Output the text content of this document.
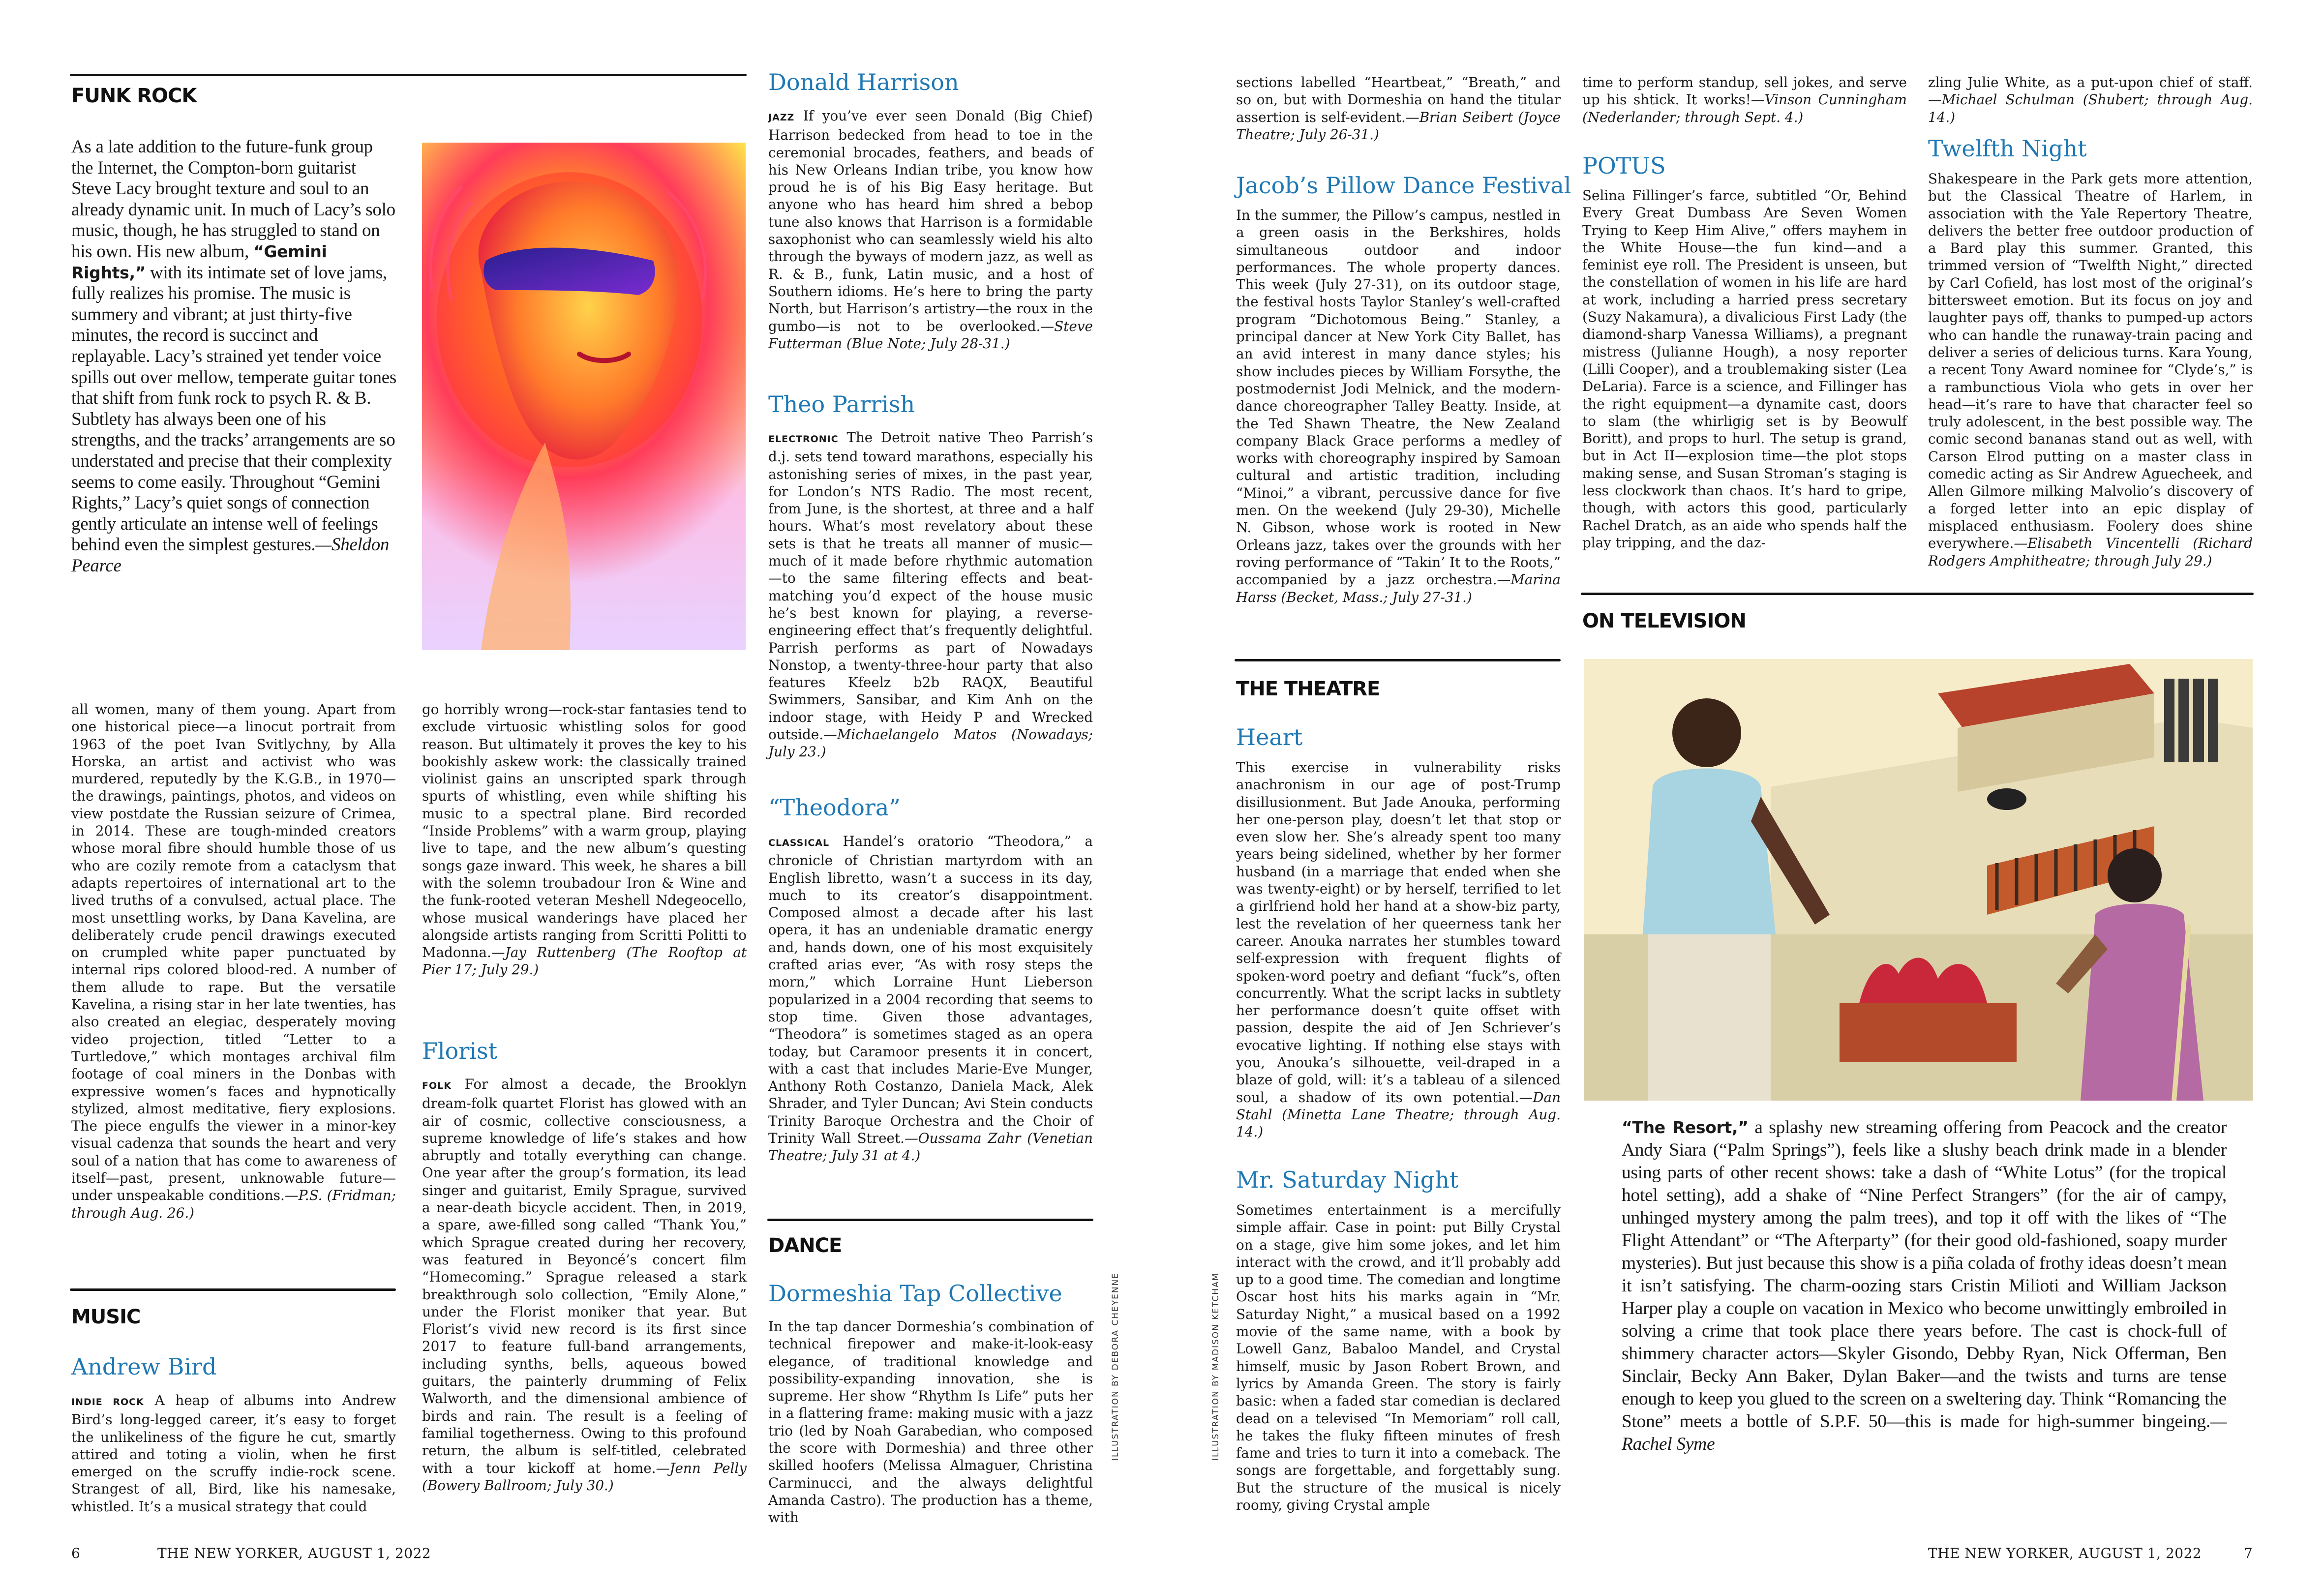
FUNK ROCK
As a late addition to the future-funk group the Internet, the Compton-born guitarist Steve Lacy brought texture and soul to an already dynamic unit. In much of Lacy’s solo music, though, he has struggled to stand on his own. His new album, “Gemini Rights,” with its intimate set of love jams, fully realizes his promise. The music is summery and vibrant; at just thirty-five minutes, the record is succinct and replayable. Lacy’s strained yet tender voice spills out over mellow, temperate guitar tones that shift from funk rock to psych R. & B. Subtlety has always been one of his strengths, and the tracks’ arrangements are so understated and precise that their complexity seems to come easily. Throughout “Gemini Rights,” Lacy’s quiet songs of connection gently articulate an intense well of feelings behind even the simplest gestures.—Sheldon Pearce
all women, many of them young. Apart from one historical piece—a linocut portrait from 1963 of the poet Ivan Svitlychny, by Alla Horska, an artist and activist who was murdered, reputedly by the K.G.B., in 1970—the drawings, paintings, photos, and videos on view postdate the Russian seizure of Crimea, in 2014. These are tough-minded creators whose moral fibre should humble those of us who are cozily remote from a cataclysm that adapts repertoires of international art to the lived truths of a convulsed, actual place. The most unsettling works, by Dana Kavelina, are deliberately crude pencil drawings executed on crumpled white paper punctuated by internal rips colored blood-red. A number of them allude to rape. But the versatile Kavelina, a rising star in her late twenties, has also created an elegiac, desperately moving video projection, titled “Letter to a Turtledove,” which montages archival film footage of coal miners in the Donbas with expressive women’s faces and hypnotically stylized, almost meditative, fiery explosions. The piece engulfs the viewer in a minor-key visual cadenza that sounds the heart and very soul of a nation that has come to awareness of itself—past, present, unknowable future—under unspeakable conditions.—P.S. (Fridman; through Aug. 26.)
MUSIC
Andrew Bird
INDIE ROCK A heap of albums into Andrew Bird’s long-legged career, it’s easy to forget the unlikeliness of the figure he cut, smartly attired and toting a violin, when he first emerged on the scruffy indie-rock scene. Strangest of all, Bird, like his namesake, whistled. It’s a musical strategy that could
go horribly wrong—rock-star fantasies tend to exclude virtuosic whistling solos for good reason. But ultimately it proves the key to his bookishly askew work: the classically trained violinist gains an unscripted spark through spurts of whistling, even while shifting his music to a spectral plane. Bird recorded “Inside Problems” with a warm group, playing live to tape, and the new album’s questing songs gaze inward. This week, he shares a bill with the solemn troubadour Iron & Wine and the funk-rooted veteran Meshell Ndegeocello, whose musical wanderings have placed her alongside artists ranging from Scritti Politti to Madonna.—Jay Ruttenberg (The Rooftop at Pier 17; July 29.)
Florist
FOLK For almost a decade, the Brooklyn dream-folk quartet Florist has glowed with an air of cosmic, collective consciousness, a supreme knowledge of life’s stakes and how abruptly and totally everything can change. One year after the group’s formation, its lead singer and guitarist, Emily Sprague, survived a near-death bicycle accident. Then, in 2019, a spare, awe-filled song called “Thank You,” which Sprague created during her recovery, was featured in Beyoncé’s concert film “Homecoming.” Sprague released a stark breakthrough solo collection, “Emily Alone,” under the Florist moniker that year. But Florist’s vivid new record is its first since 2017 to feature full-band arrangements, including synths, bells, aqueous bowed guitars, the painterly drumming of Felix Walworth, and the dimensional ambience of birds and rain. The result is a feeling of familial togetherness. Owing to this profound return, the album is self-titled, celebrated with a tour kickoff at home.—Jenn Pelly (Bowery Ballroom; July 30.)
Donald Harrison
JAZZ If you’ve ever seen Donald (Big Chief) Harrison bedecked from head to toe in the ceremonial brocades, feathers, and beads of his New Orleans Indian tribe, you know how proud he is of his Big Easy heritage. But anyone who has heard him shred a bebop tune also knows that Harrison is a formidable saxophonist who can seamlessly wield his alto through the byways of modern jazz, as well as R. & B., funk, Latin music, and a host of Southern idioms. He’s here to bring the party North, but Harrison’s artistry—the roux in the gumbo—is not to be overlooked.—Steve Futterman (Blue Note; July 28-31.)
Theo Parrish
ELECTRONIC The Detroit native Theo Parrish’s d.j. sets tend toward marathons, especially his astonishing series of mixes, in the past year, for London’s NTS Radio. The most recent, from June, is the shortest, at three and a half hours. What’s most revelatory about these sets is that he treats all manner of music—much of it made before rhythmic automation—to the same filtering effects and beat-matching you’d expect of the house music he’s best known for playing, a reverse-engineering effect that’s frequently delightful. Parrish performs as part of Nowadays Nonstop, a twenty-three-hour party that also features Kfeelz b2b RAQX, Beautiful Swimmers, Sansibar, and Kim Anh on the indoor stage, with Heidy P and Wrecked outside.—Michaelangelo Matos (Nowadays; July 23.)
“Theodora”
CLASSICAL Handel’s oratorio “Theodora,” a chronicle of Christian martyrdom with an English libretto, wasn’t a success in its day, much to its creator’s disappointment. Composed almost a decade after his last opera, it has an undeniable dramatic energy and, hands down, one of his most exquisitely crafted arias ever, “As with rosy steps the morn,” which Lorraine Hunt Lieberson popularized in a 2004 recording that seems to stop time. Given those advantages, “Theodora” is sometimes staged as an opera today, but Caramoor presents it in concert, with a cast that includes Marie-Eve Munger, Anthony Roth Costanzo, Daniela Mack, Alek Shrader, and Tyler Duncan; Avi Stein conducts Trinity Baroque Orchestra and the Choir of Trinity Wall Street.—Oussama Zahr (Venetian Theatre; July 31 at 4.)
DANCE
Dormeshia Tap Collective
In the tap dancer Dormeshia’s combination of technical firepower and make-it-look-easy elegance, of traditional knowledge and possibility-expanding innovation, she is supreme. Her show “Rhythm Is Life” puts her in a flattering frame: making music with a jazz trio (led by Noah Garabedian, who composed the score with Dormeshia) and three other skilled hoofers (Melissa Almaguer, Christina Carminucci, and the always delightful Amanda Castro). The production has a theme, with
ILLUSTRATION BY DEBORA CHEYENNE
6	THE NEW YORKER, AUGUST 1, 2022
ILLUSTRATION BY MADISON KETCHAM
sections labelled “Heartbeat,” “Breath,” and so on, but with Dormeshia on hand the titular assertion is self-evident.—Brian Seibert (Joyce Theatre; July 26-31.)
Jacob’s Pillow Dance Festival
In the summer, the Pillow’s campus, nestled in a green oasis in the Berkshires, holds simultaneous outdoor and indoor performances. The whole property dances. This week (July 27-31), on its outdoor stage, the festival hosts Taylor Stanley’s well-crafted program “Dichotomous Being.” Stanley, a principal dancer at New York City Ballet, has an avid interest in many dance styles; his show includes pieces by William Forsythe, the postmodernist Jodi Melnick, and the modern-dance choreographer Talley Beatty. Inside, at the Ted Shawn Theatre, the New Zealand company Black Grace performs a medley of works with choreography inspired by Samoan cultural and artistic tradition, including “Minoi,” a vibrant, percussive dance for five men. On the weekend (July 29-30), Michelle N. Gibson, whose work is rooted in New Orleans jazz, takes over the grounds with her roving performance of “Takin’ It to the Roots,” accompanied by a jazz orchestra.—Marina Harss (Becket, Mass.; July 27-31.)
THE THEATRE
Heart
This exercise in vulnerability risks anachronism in our age of post-Trump disillusionment. But Jade Anouka, performing her one-person play, doesn’t let that stop or even slow her. She’s already spent too many years being sidelined, whether by her former husband (in a marriage that ended when she was twenty-eight) or by herself, terrified to let a girlfriend hold her hand at a show-biz party, lest the revelation of her queerness tank her career. Anouka narrates her stumbles toward self-expression with frequent flights of spoken-word poetry and defiant “fuck”s, often concurrently. What the script lacks in subtlety her performance doesn’t quite offset with passion, despite the aid of Jen Schriever’s evocative lighting. If nothing else stays with you, Anouka’s silhouette, veil-draped in a blaze of gold, will: it’s a tableau of a silenced soul, a shadow of its own potential.—Dan Stahl (Minetta Lane Theatre; through Aug. 14.)
Mr. Saturday Night
Sometimes entertainment is a mercifully simple affair. Case in point: put Billy Crystal on a stage, give him some jokes, and let him interact with the crowd, and it’ll probably add up to a good time. The comedian and longtime Oscar host hits his marks again in “Mr. Saturday Night,” a musical based on a 1992 movie of the same name, with a book by Lowell Ganz, Babaloo Mandel, and Crystal himself, music by Jason Robert Brown, and lyrics by Amanda Green. The story is fairly basic: when a faded star comedian is declared dead on a televised “In Memoriam” roll call, he takes the fluky fifteen minutes of fresh fame and tries to turn it into a comeback. The songs are forgettable, and forgettably sung. But the structure of the musical is nicely roomy, giving Crystal ample
time to perform standup, sell jokes, and serve up his shtick. It works!—Vinson Cunningham (Nederlander; through Sept. 4.)
POTUS
Selina Fillinger’s farce, subtitled “Or, Behind Every Great Dumbass Are Seven Women Trying to Keep Him Alive,” offers mayhem in the White House—the fun kind—and a feminist eye roll. The President is unseen, but the constellation of women in his life are hard at work, including a harried press secretary (Suzy Nakamura), a divalicious First Lady (the diamond-sharp Vanessa Williams), a pregnant mistress (Julianne Hough), a nosy reporter (Lilli Cooper), and a troublemaking sister (Lea DeLaria). Farce is a science, and Fillinger has the right equipment—a dynamite cast, doors to slam (the whirligig set is by Beowulf Boritt), and props to hurl. The setup is grand, but in Act II—explosion time—the plot stops making sense, and Susan Stroman’s staging is less clockwork than chaos. It’s hard to gripe, though, with actors this good, particularly Rachel Dratch, as an aide who spends half the play tripping, and the daz-
zling Julie White, as a put-upon chief of staff.—Michael Schulman (Shubert; through Aug. 14.)
Twelfth Night
Shakespeare in the Park gets more attention, but the Classical Theatre of Harlem, in association with the Yale Repertory Theatre, delivers the better free outdoor production of a Bard play this summer. Granted, this trimmed version of “Twelfth Night,” directed by Carl Cofield, has lost most of the original’s bittersweet emotion. But its focus on joy and laughter pays off, thanks to pumped-up actors who can handle the runaway-train pacing and deliver a series of delicious turns. Kara Young, a recent Tony Award nominee for “Clyde’s,” is a rambunctious Viola who gets in over her head—it’s rare to have that character feel so truly adolescent, in the best possible way. The comic second bananas stand out as well, with Carson Elrod putting on a master class in comedic acting as Sir Andrew Aguecheek, and Allen Gilmore milking Malvolio’s discovery of a forged letter into an epic display of misplaced enthusiasm. Foolery does shine everywhere.—Elisabeth Vincentelli (Richard Rodgers Amphitheatre; through July 29.)
ON TELEVISION
“The Resort,” a splashy new streaming offering from Peacock and the creator Andy Siara (“Palm Springs”), feels like a slushy beach drink made in a blender using parts of other recent shows: take a dash of “White Lotus” (for the tropical hotel setting), add a shake of “Nine Perfect Strangers” (for the air of campy, unhinged mystery among the palm trees), and top it off with the likes of “The Flight Attendant” or “The Afterparty” (for their good old-fashioned, soapy murder mysteries). But just because this show is a piña colada of frothy ideas doesn’t mean it isn’t satisfying. The charm-oozing stars Cristin Milioti and William Jackson Harper play a couple on vacation in Mexico who become unwittingly embroiled in solving a crime that took place there years before. The cast is chock-full of shimmery character actors—Skyler Gisondo, Debby Ryan, Nick Offerman, Ben Sinclair, Becky Ann Baker, Dylan Baker—and the twists and turns are tense enough to keep you glued to the screen on a sweltering day. Think “Romancing the Stone” meets a bottle of S.P.F. 50—this is made for high-summer bingeing.—Rachel Syme
THE NEW YORKER, AUGUST 1, 2022	7
